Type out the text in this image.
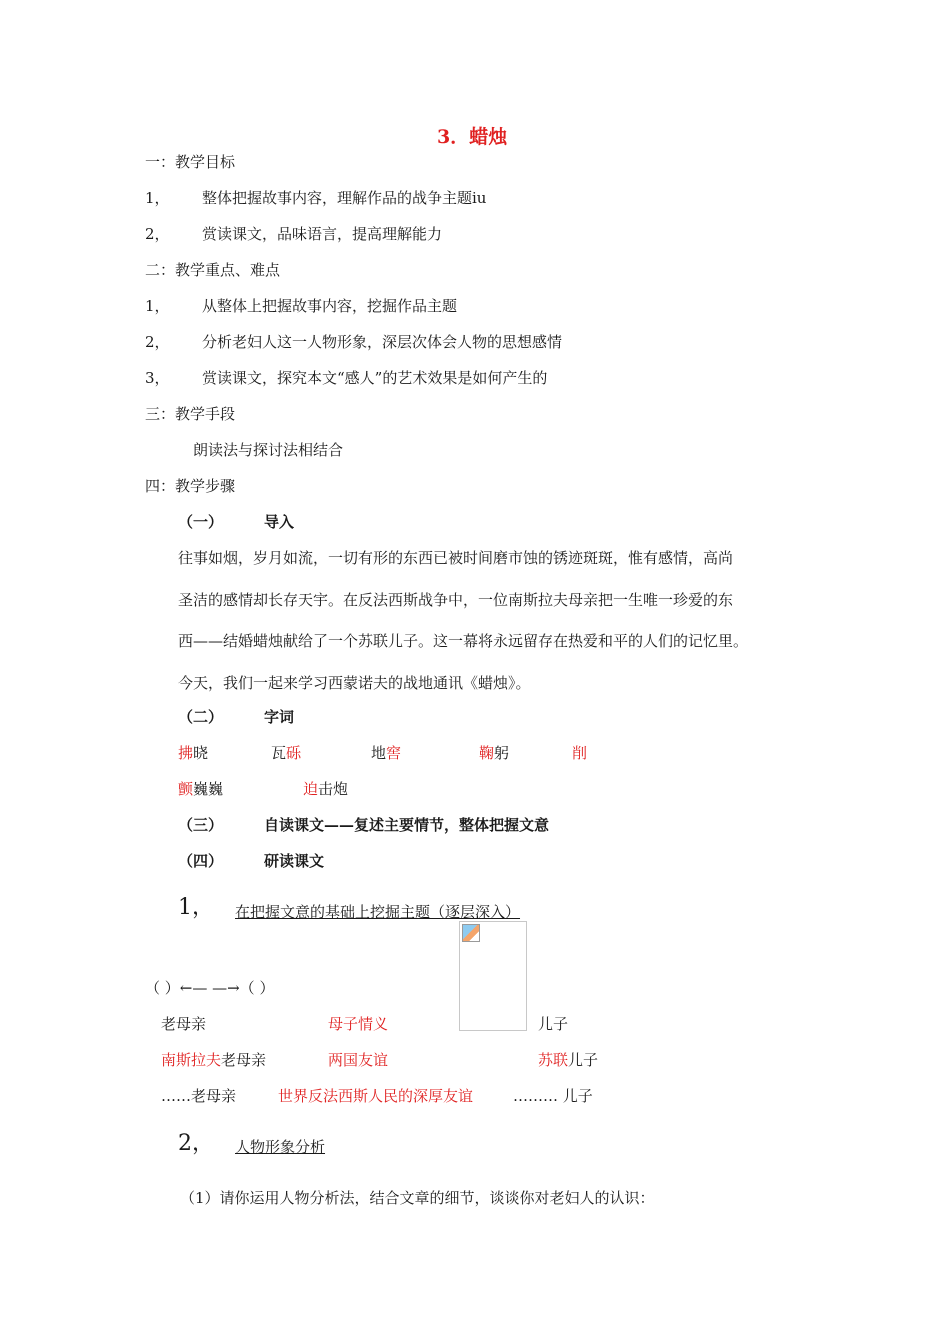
3．蜡烛
一：教学目标
1， 整体把握故事内容，理解作品的战争主题iu
2， 赏读课文，品味语言，提高理解能力
二：教学重点、难点
1， 从整体上把握故事内容，挖掘作品主题
2， 分析老妇人这一人物形象，深层次体会人物的思想感情
3， 赏读课文，探究本文“感人”的艺术效果是如何产生的
三：教学手段
朗读法与探讨法相结合
四：教学步骤
（一）	导入
往事如烟，岁月如流，一切有形的东西已被时间磨市蚀的锈迹斑斑，惟有感情，高尚
圣洁的感情却长存天宇。在反法西斯战争中，一位南斯拉夫母亲把一生唯一珍爱的东
西——结婚蜡烛献给了一个苏联儿子。这一幕将永远留存在热爱和平的人们的记忆里。
今天，我们一起来学习西蒙诺夫的战地通讯《蜡烛》。
（二）	字词
拂晓	瓦砾	地窖	鞠躬	削
颤巍巍	迫击炮
（三）	自读课文——复述主要情节，整体把握文意
（四）	研读课文
1， 在把握文意的基础上挖掘主题（逐层深入）
（ ）←— —→（ ）
老母亲	母子情义	儿子
南斯拉夫老母亲	两国友谊	苏联儿子
……老母亲	世界反法西斯人民的深厚友谊	……… 儿子
2， 人物形象分析
（1）请你运用人物分析法，结合文章的细节，谈谈你对老妇人的认识：
